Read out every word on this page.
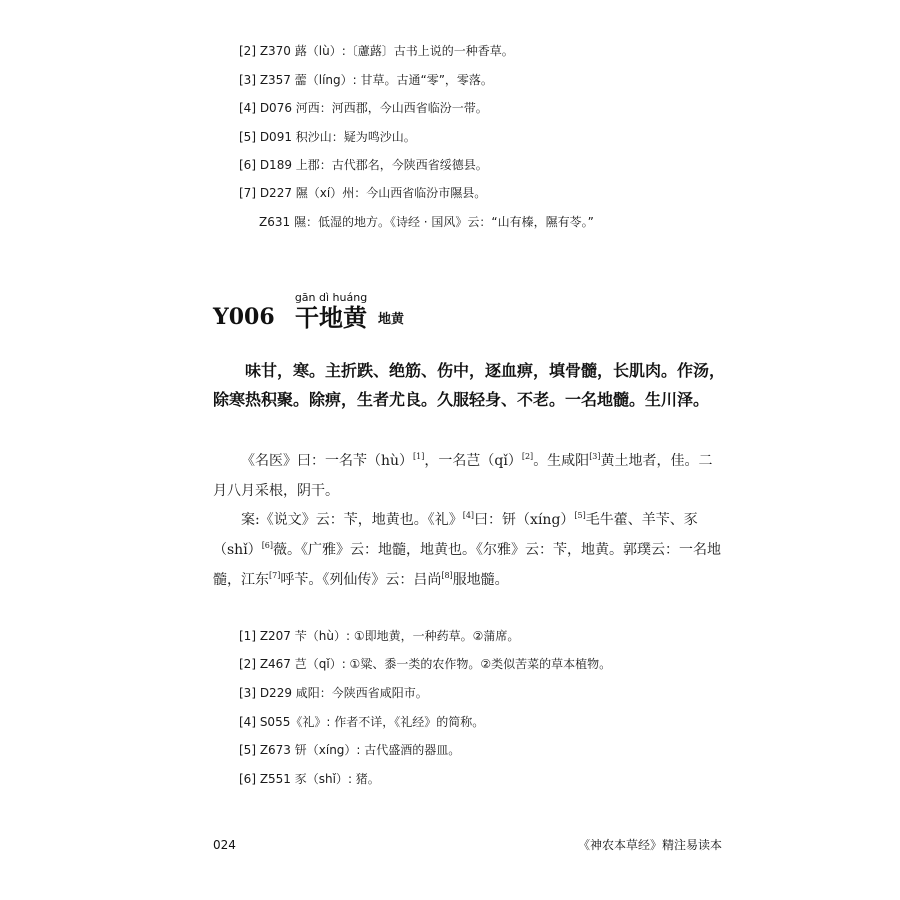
[2] Z370 蕗（lù）:〔藘蕗〕古书上说的一种香草。
[3] Z357 蘦（líng）: 甘草。古通“零”，零落。
[4] D076 河西：河西郡，今山西省临汾一带。
[5] D091 积沙山：疑为鸣沙山。
[6] D189 上郡：古代郡名，今陕西省绥德县。
[7] D227 隰（xí）州：今山西省临汾市隰县。
Z631 隰：低湿的地方。《诗经 · 国风》云：“山有榛，隰有苓。”
Y006
gān dì huáng
干地黄 地黄
味甘，寒。主折跌、绝筋、伤中，逐血痹，填骨髓，长肌肉。作汤，
除寒热积聚。除痹，生者尤良。久服轻身、不老。一名地髓。生川泽。
《名医》曰：一名苄（hù）[1]，一名芑（qǐ）[2]。生咸阳[3]黄土地者，佳。二
月八月采根，阴干。
案:《说文》云：苄，地黄也。《礼》[4]曰：钘（xíng）[5]毛牛藿、羊苄、豕
（shǐ）[6]薇。《广雅》云：地髓，地黄也。《尔雅》云：苄，地黄。郭璞云：一名地
髓，江东[7]呼苄。《列仙传》云：吕尚[8]服地髓。
[1] Z207 苄（hù）: ①即地黄，一种药草。②蒲席。
[2] Z467 芑（qǐ）: ①粱、黍一类的农作物。②类似苦菜的草本植物。
[3] D229 咸阳：今陕西省咸阳市。
[4] S055《礼》: 作者不详，《礼经》的简称。
[5] Z673 钘（xíng）: 古代盛酒的器皿。
[6] Z551 豕（shǐ）: 猪。
024	《神农本草经》精注易读本
